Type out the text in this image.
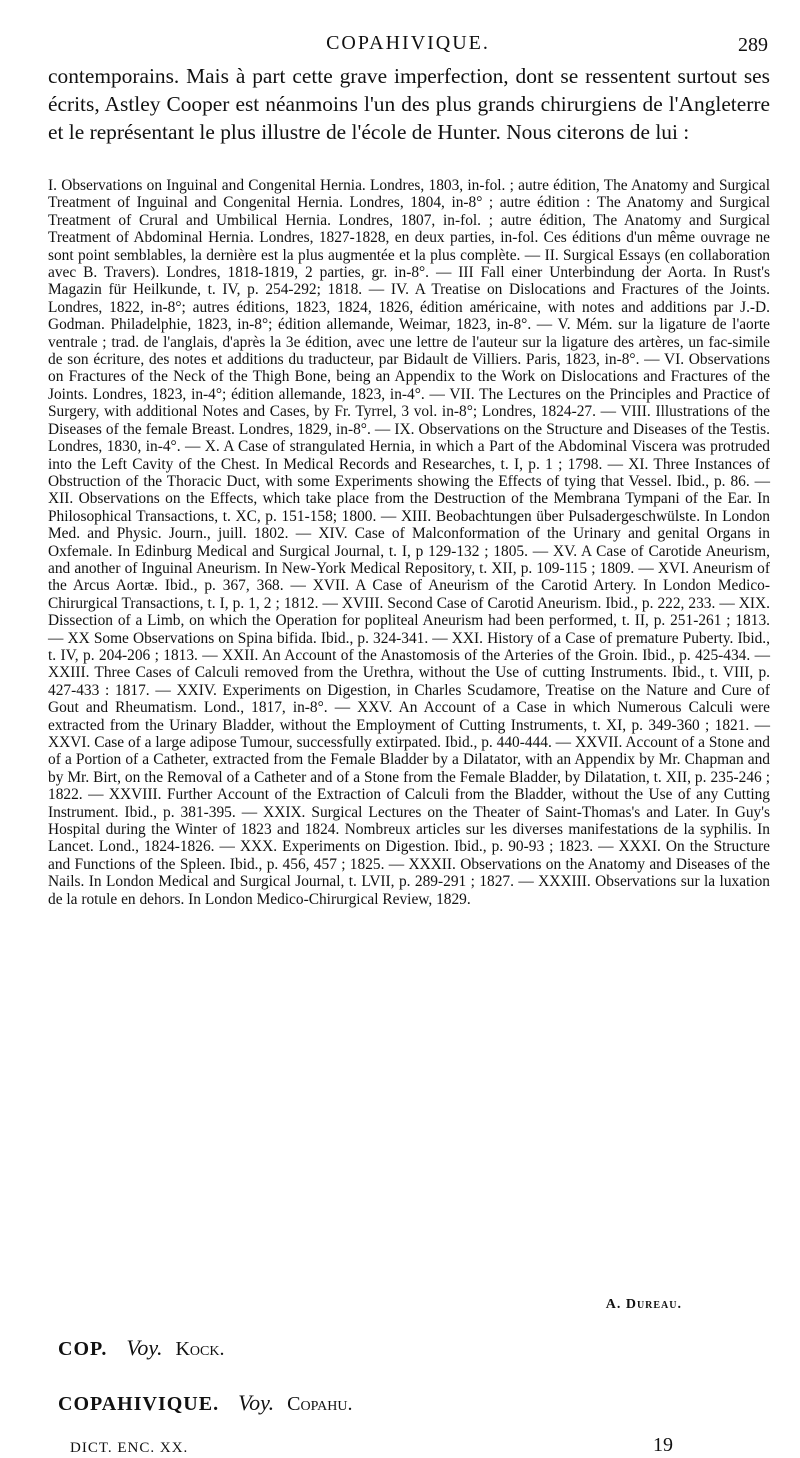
COPAHIVIQUE.	289

contemporains. Mais à part cette grave imperfection, dont se ressentent surtout ses écrits, Astley Cooper est néanmoins l'un des plus grands chirurgiens de l'Angleterre et le représentant le plus illustre de l'école de Hunter. Nous citerons de lui :

I. Observations on Inguinal and Congenital Hernia. Londres, 1803, in-fol. ; autre édition, The Anatomy and Surgical Treatment of Inguinal and Congenital Hernia. Londres, 1804, in-8° ; autre édition : The Anatomy and Surgical Treatment of Crural and Umbilical Hernia. Londres, 1807, in-fol. ; autre édition, The Anatomy and Surgical Treatment of Abdominal Hernia. Londres, 1827-1828, en deux parties, in-fol. Ces éditions d'un même ouvrage ne sont point semblables, la dernière est la plus augmentée et la plus complète. — II. Surgical Essays (en collaboration avec B. Travers). Londres, 1818-1819, 2 parties, gr. in-8°. — III Fall einer Unterbindung der Aorta. In Rust's Magazin für Heilkunde, t. IV, p. 254-292; 1818. — IV. A Treatise on Dislocations and Fractures of the Joints. Londres, 1822, in-8°; autres éditions, 1823, 1824, 1826, édition américaine, with notes and additions par J.-D. Godman. Philadelphie, 1823, in-8°; édition allemande, Weimar, 1823, in-8°. — V. Mém. sur la ligature de l'aorte ventrale ; trad. de l'anglais, d'après la 3e édition, avec une lettre de l'auteur sur la ligature des artères, un fac-simile de son écriture, des notes et additions du traducteur, par Bidault de Villiers. Paris, 1823, in-8°. — VI. Observations on Fractures of the Neck of the Thigh Bone, being an Appendix to the Work on Dislocations and Fractures of the Joints. Londres, 1823, in-4°; édition allemande, 1823, in-4°. — VII. The Lectures on the Principles and Practice of Surgery, with additional Notes and Cases, by Fr. Tyrrel, 3 vol. in-8°; Londres, 1824-27. — VIII. Illustrations of the Diseases of the female Breast. Londres, 1829, in-8°. — IX. Observations on the Structure and Diseases of the Testis. Londres, 1830, in-4°. — X. A Case of strangulated Hernia, in which a Part of the Abdominal Viscera was protruded into the Left Cavity of the Chest. In Medical Records and Researches, t. I, p. 1 ; 1798. — XI. Three Instances of Obstruction of the Thoracic Duct, with some Experiments showing the Effects of tying that Vessel. Ibid., p. 86. — XII. Observations on the Effects, which take place from the Destruction of the Membrana Tympani of the Ear. In Philosophical Transactions, t. XC, p. 151-158; 1800. — XIII. Beobachtungen über Pulsadergeschwülste. In London Med. and Physic. Journ., juill. 1802. — XIV. Case of Malconformation of the Urinary and genital Organs in Oxfemale. In Edinburg Medical and Surgical Journal, t. I, p 129-132 ; 1805. — XV. A Case of Carotide Aneurism, and another of Inguinal Aneurism. In New-York Medical Repository, t. XII, p. 109-115 ; 1809. — XVI. Aneurism of the Arcus Aortæ. Ibid., p. 367, 368. — XVII. A Case of Aneurism of the Carotid Artery. In London Medico-Chirurgical Transactions, t. I, p. 1, 2 ; 1812. — XVIII. Second Case of Carotid Aneurism. Ibid., p. 222, 233. — XIX. Dissection of a Limb, on which the Operation for popliteal Aneurism had been performed, t. II, p. 251-261 ; 1813. — XX Some Observations on Spina bifida. Ibid., p. 324-341. — XXI. History of a Case of premature Puberty. Ibid., t. IV, p. 204-206 ; 1813. — XXII. An Account of the Anastomosis of the Arteries of the Groin. Ibid., p. 425-434. — XXIII. Three Cases of Calculi removed from the Urethra, without the Use of cutting Instruments. Ibid., t. VIII, p. 427-433 : 1817. — XXIV. Experiments on Digestion, in Charles Scudamore, Treatise on the Nature and Cure of Gout and Rheumatism. Lond., 1817, in-8°. — XXV. An Account of a Case in which Numerous Calculi were extracted from the Urinary Bladder, without the Employment of Cutting Instruments, t. XI, p. 349-360 ; 1821. — XXVI. Case of a large adipose Tumour, successfully extirpated. Ibid., p. 440-444. — XXVII. Account of a Stone and of a Portion of a Catheter, extracted from the Female Bladder by a Dilatator, with an Appendix by Mr. Chapman and by Mr. Birt, on the Removal of a Catheter and of a Stone from the Female Bladder, by Dilatation, t. XII, p. 235-246 ; 1822. — XXVIII. Further Account of the Extraction of Calculi from the Bladder, without the Use of any Cutting Instrument. Ibid., p. 381-395. — XXIX. Surgical Lectures on the Theater of Saint-Thomas's and Later. In Guy's Hospital during the Winter of 1823 and 1824. Nombreux articles sur les diverses manifestations de la syphilis. In Lancet. Lond., 1824-1826. — XXX. Experiments on Digestion. Ibid., p. 90-93 ; 1823. — XXXI. On the Structure and Functions of the Spleen. Ibid., p. 456, 457 ; 1825. — XXXII. Observations on the Anatomy and Diseases of the Nails. In London Medical and Surgical Journal, t. LVII, p. 289-291 ; 1827. — XXXIII. Observations sur la luxation de la rotule en dehors. In London Medico-Chirurgical Review, 1829.

A. Dureau.
COP. Voy. Kock.
COPAHIVIQUE. Voy. Copahu.
DICT. ENC. XX.	19
